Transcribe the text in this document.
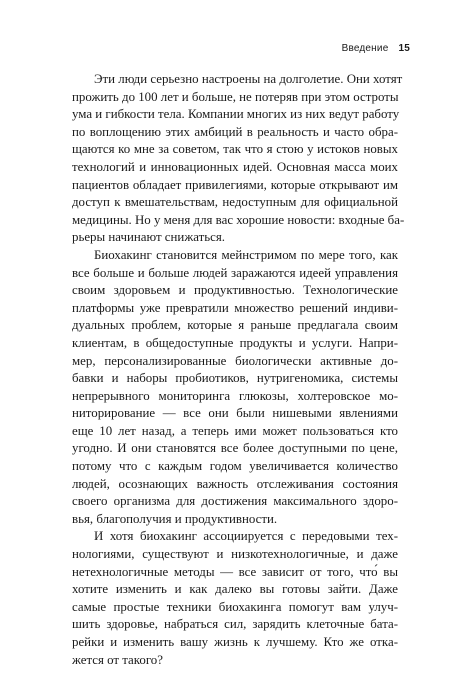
Введение 15

Эти люди серьезно настроены на долголетие. Они хотят
прожить до 100 лет и больше, не потеряв при этом остроты
ума и гибкости тела. Компании многих из них ведут работу
по воплощению этих амбиций в реальность и часто обра-
щаются ко мне за советом, так что я стою у истоков новых
технологий и инновационных идей. Основная масса моих
пациентов обладает привилегиями, которые открывают им
доступ к вмешательствам, недоступным для официальной
медицины. Но у меня для вас хорошие новости: входные ба-
рьеры начинают снижаться.

Биохакинг становится мейнстримом по мере того, как
все больше и больше людей заражаются идеей управления
своим здоровьем и продуктивностью. Технологические
платформы уже превратили множество решений индиви-
дуальных проблем, которые я раньше предлагала своим
клиентам, в общедоступные продукты и услуги. Напри-
мер, персонализированные биологически активные до-
бавки и наборы пробиотиков, нутригеномика, системы
непрерывного мониторинга глюкозы, холтеровское мо-
ниторирование — все они были нишевыми явлениями
еще 10 лет назад, а теперь ими может пользоваться кто
угодно. И они становятся все более доступными по цене,
потому что с каждым годом увеличивается количество
людей, осознающих важность отслеживания состояния
своего организма для достижения максимального здоро-
вья, благополучия и продуктивности.

И хотя биохакинг ассоциируется с передовыми тех-
нологиями, существуют и низкотехнологичные, и даже
нетехнологичные методы — все зависит от того, что́ вы
хотите изменить и как далеко вы готовы зайти. Даже
самые простые техники биохакинга помогут вам улуч-
шить здоровье, набраться сил, зарядить клеточные бата-
рейки и изменить вашу жизнь к лучшему. Кто же отка-
жется от такого?
